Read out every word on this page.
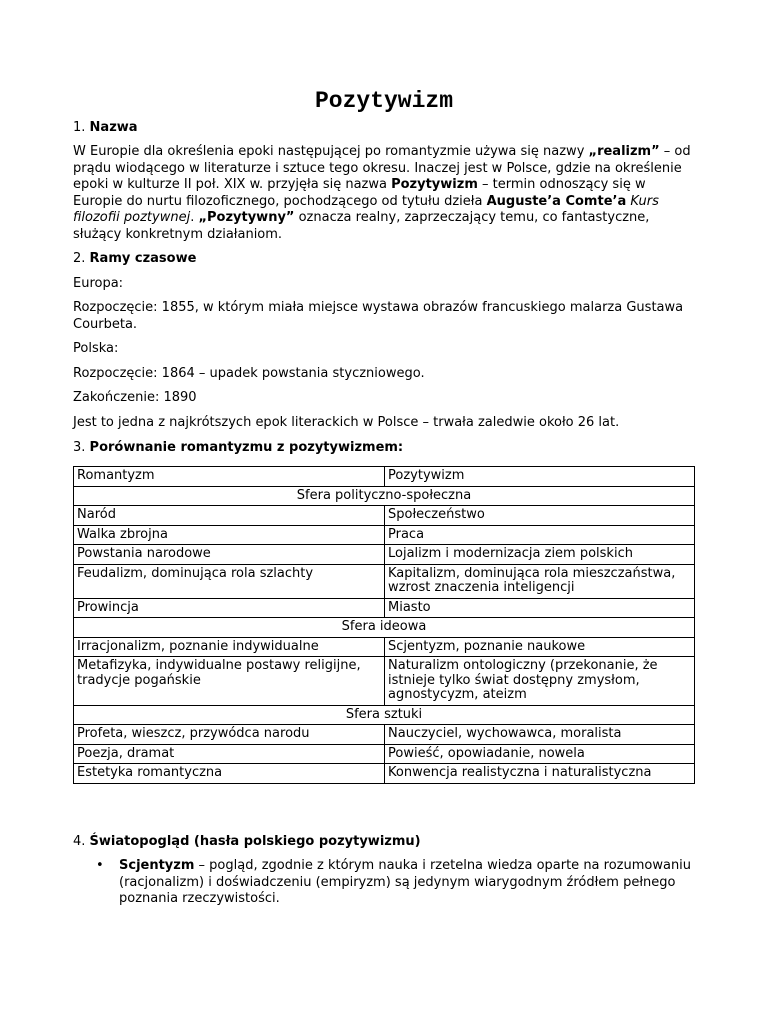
Pozytywizm

1. Nazwa

W Europie dla określenia epoki następującej po romantyzmie używa się nazwy „realizm” – od prądu wiodącego w literaturze i sztuce tego okresu. Inaczej jest w Polsce, gdzie na określenie epoki w kulturze II poł. XIX w. przyjęła się nazwa Pozytywizm – termin odnoszący się w Europie do nurtu filozoficznego, pochodzącego od tytułu dzieła Auguste’a Comte’a Kurs filozofii poztywnej. „Pozytywny” oznacza realny, zaprzeczający temu, co fantastyczne, służący konkretnym działaniom.

2. Ramy czasowe

Europa:

Rozpoczęcie: 1855, w którym miała miejsce wystawa obrazów francuskiego malarza Gustawa Courbeta.

Polska:

Rozpoczęcie: 1864 – upadek powstania styczniowego.

Zakończenie: 1890

Jest to jedna z najkrótszych epok literackich w Polsce – trwała zaledwie około 26 lat.

3. Porównanie romantyzmu z pozytywizmem:

Romantyzm	Pozytywizm
Sfera polityczno-społeczna	
Naród	Społeczeństwo
Walka zbrojna	Praca
Powstania narodowe	Lojalizm i modernizacja ziem polskich
Feudalizm, dominująca rola szlachty	Kapitalizm, dominująca rola mieszczaństwa, wzrost znaczenia inteligencji
Prowincja	Miasto
Sfera ideowa	
Irracjonalizm, poznanie indywidualne	Scjentyzm, poznanie naukowe
Metafizyka, indywidualne postawy religijne, tradycje pogańskie	Naturalizm ontologiczny (przekonanie, że istnieje tylko świat dostępny zmysłom, agnostycyzm, ateizm
Sfera sztuki	
Profeta, wieszcz, przywódca narodu	Nauczyciel, wychowawca, moralista
Poezja, dramat	Powieść, opowiadanie, nowela
Estetyka romantyczna	Konwencja realistyczna i naturalistyczna

4. Światopogląd (hasła polskiego pozytywizmu)

• Scjentyzm – pogląd, zgodnie z którym nauka i rzetelna wiedza oparte na rozumowaniu (racjonalizm) i doświadczeniu (empiryzm) są jedynym wiarygodnym źródłem pełnego poznania rzeczywistości.
